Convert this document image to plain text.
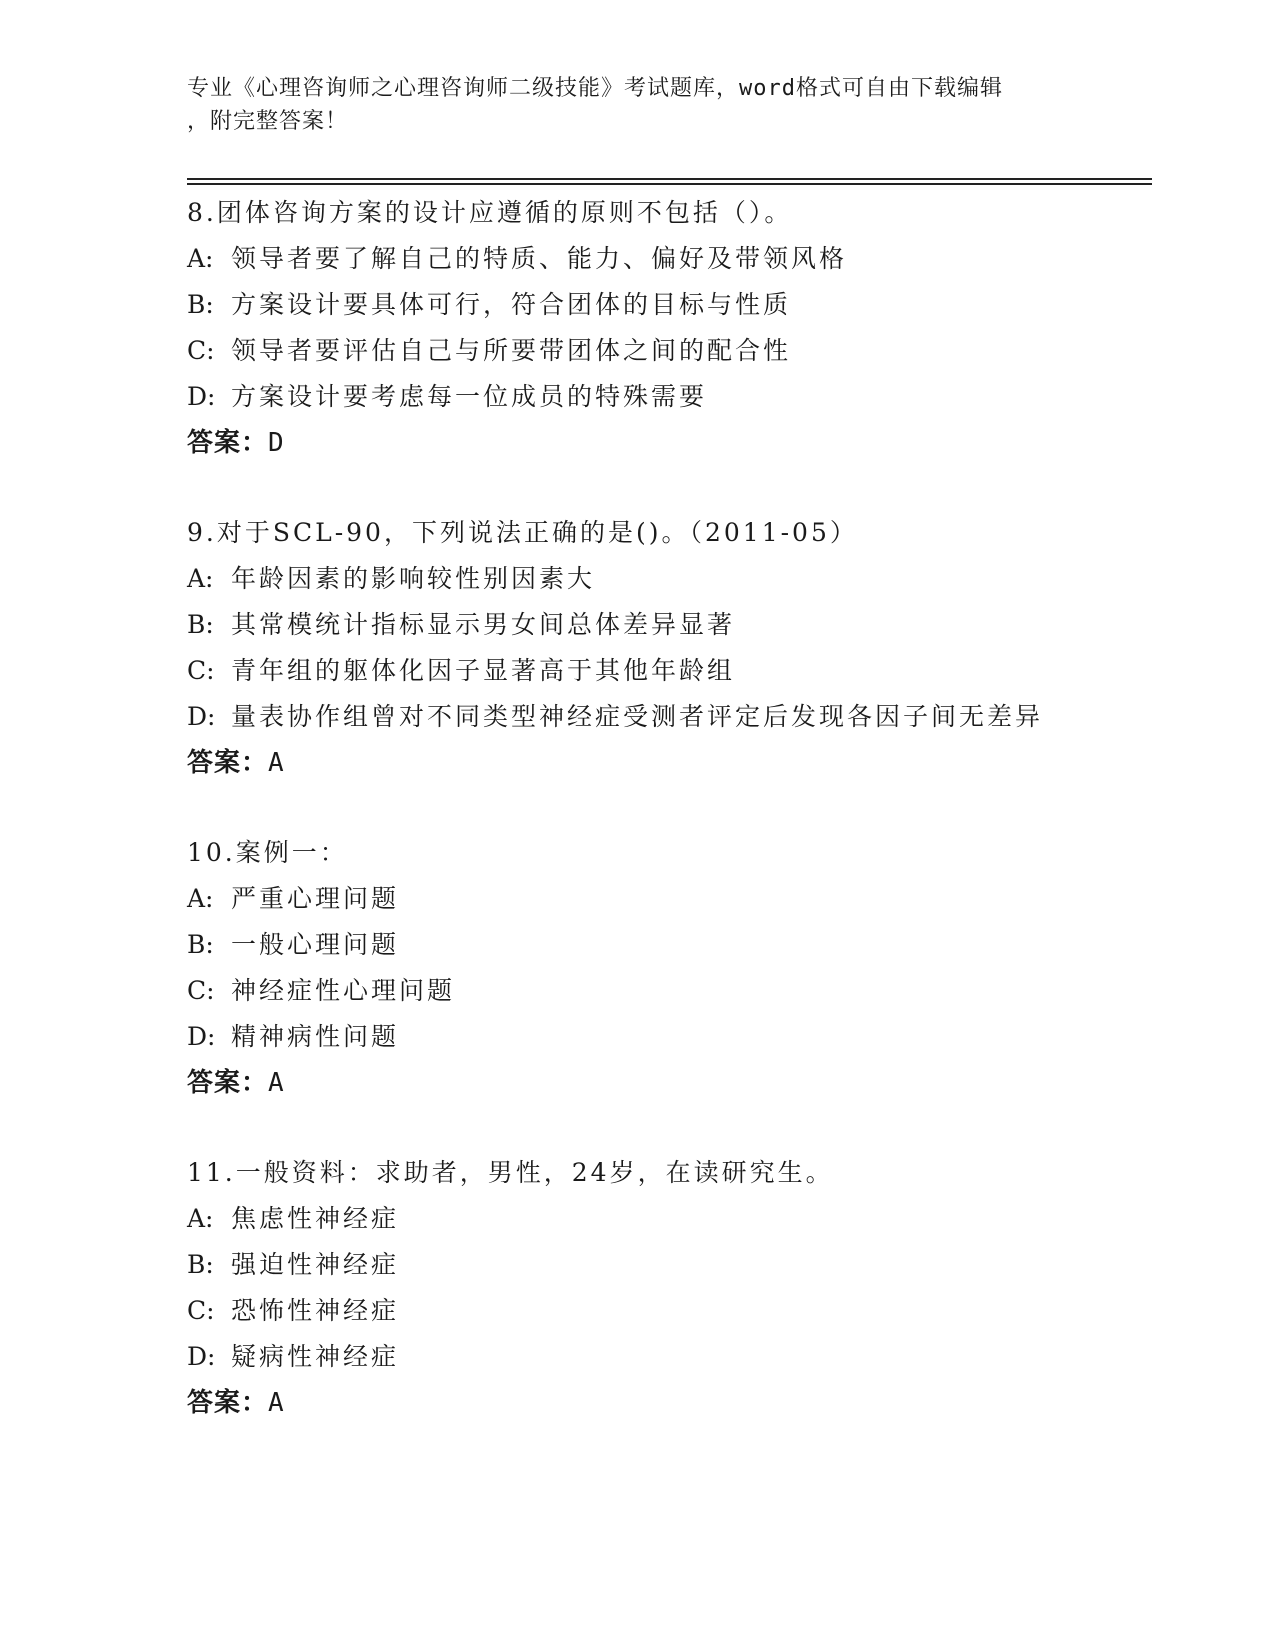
专业《心理咨询师之心理咨询师二级技能》考试题库，word格式可自由下载编辑
，附完整答案！
8.团体咨询方案的设计应遵循的原则不包括（）。
A: 领导者要了解自己的特质、能力、偏好及带领风格
B: 方案设计要具体可行，符合团体的目标与性质
C: 领导者要评估自己与所要带团体之间的配合性
D: 方案设计要考虑每一位成员的特殊需要
答案：D
9.对于SCL-90，下列说法正确的是()。（2011-05）
A: 年龄因素的影响较性别因素大
B: 其常模统计指标显示男女间总体差异显著
C: 青年组的躯体化因子显著高于其他年龄组
D: 量表协作组曾对不同类型神经症受测者评定后发现各因子间无差异
答案：A
10.案例一：
A: 严重心理问题
B: 一般心理问题
C: 神经症性心理问题
D: 精神病性问题
答案：A
11.一般资料：求助者，男性，24岁，在读研究生。
A: 焦虑性神经症
B: 强迫性神经症
C: 恐怖性神经症
D: 疑病性神经症
答案：A
